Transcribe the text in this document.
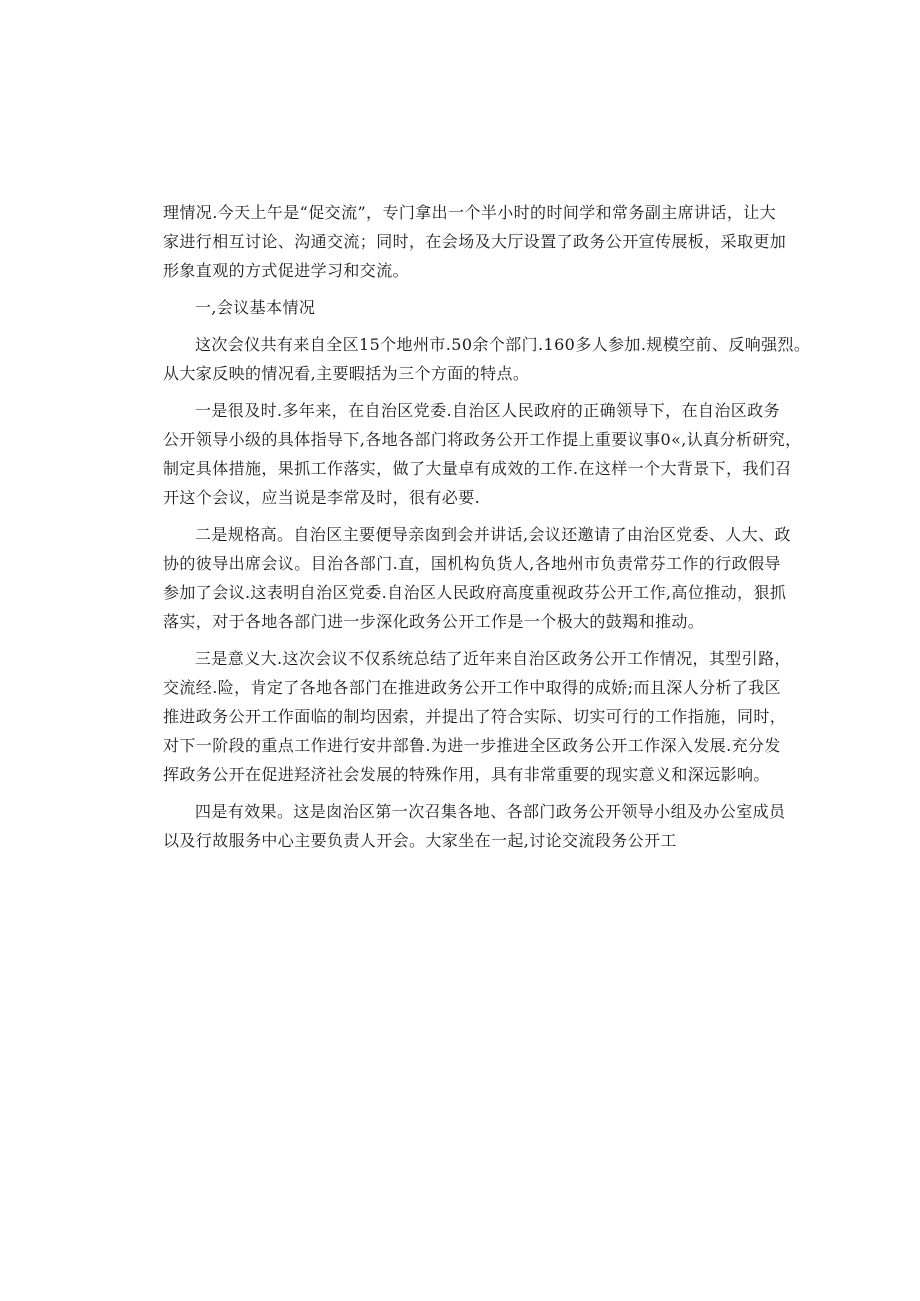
理情况.今天上午是“促交流”，专门拿出一个半小时的时间学和常务副主席讲话，让大
家进行相互讨论、沟通交流；同时，在会场及大厅设置了政务公开宣传展板，采取更加
形象直观的方式促进学习和交流。
一,会议基本情况
这次会仪共有来自全区15个地州市.50余个部门.160多人参加.规模空前、反响强烈。
从大家反映的情况看,主要暇括为三个方面的特点。
一是很及时.多年来，在自治区党委.自治区人民政府的正确领导下，在自治区政务
公开领导小级的具体指导下,各地各部门将政务公开工作提上重要议事0«,认真分析研究，
制定具体措施，果抓工作落实，做了大量卓有成效的工作.在这样一个大背景下，我们召
开这个会议，应当说是李常及时，很有必要.
二是规格高。自治区主要便导亲囱到会并讲话,会议还邀请了由治区党委、人大、政
协的彼导出席会议。目治各部门.直，国机构负货人,各地州市负责常芬工作的行政假导
参加了会议.这表明自治区党委.自治区人民政府高度重视政芬公开工作,高位推动，狠抓
落实，对于各地各部门进一步深化政务公开工作是一个极大的鼓羯和推动。
三是意义大.这次会议不仅系统总结了近年来自治区政务公开工作情况，其型引路，
交流经.险，肯定了各地各部门在推进政务公开工作中取得的成娇;而且深人分析了我区
推进政务公开工作面临的制均因索，并提出了符合实际、切实可行的工作指施，同时，
对下一阶段的重点工作进行安井部鲁.为进一步推进全区政务公开工作深入发展.充分发
挥政务公开在促进羟济社会发展的特殊作用，具有非常重要的现实意义和深远影响。
四是有效果。这是囱治区第一次召集各地、各部门政务公开领导小组及办公室成员
以及行故服务中心主要负责人开会。大家坐在一起,讨论交流段务公开工
